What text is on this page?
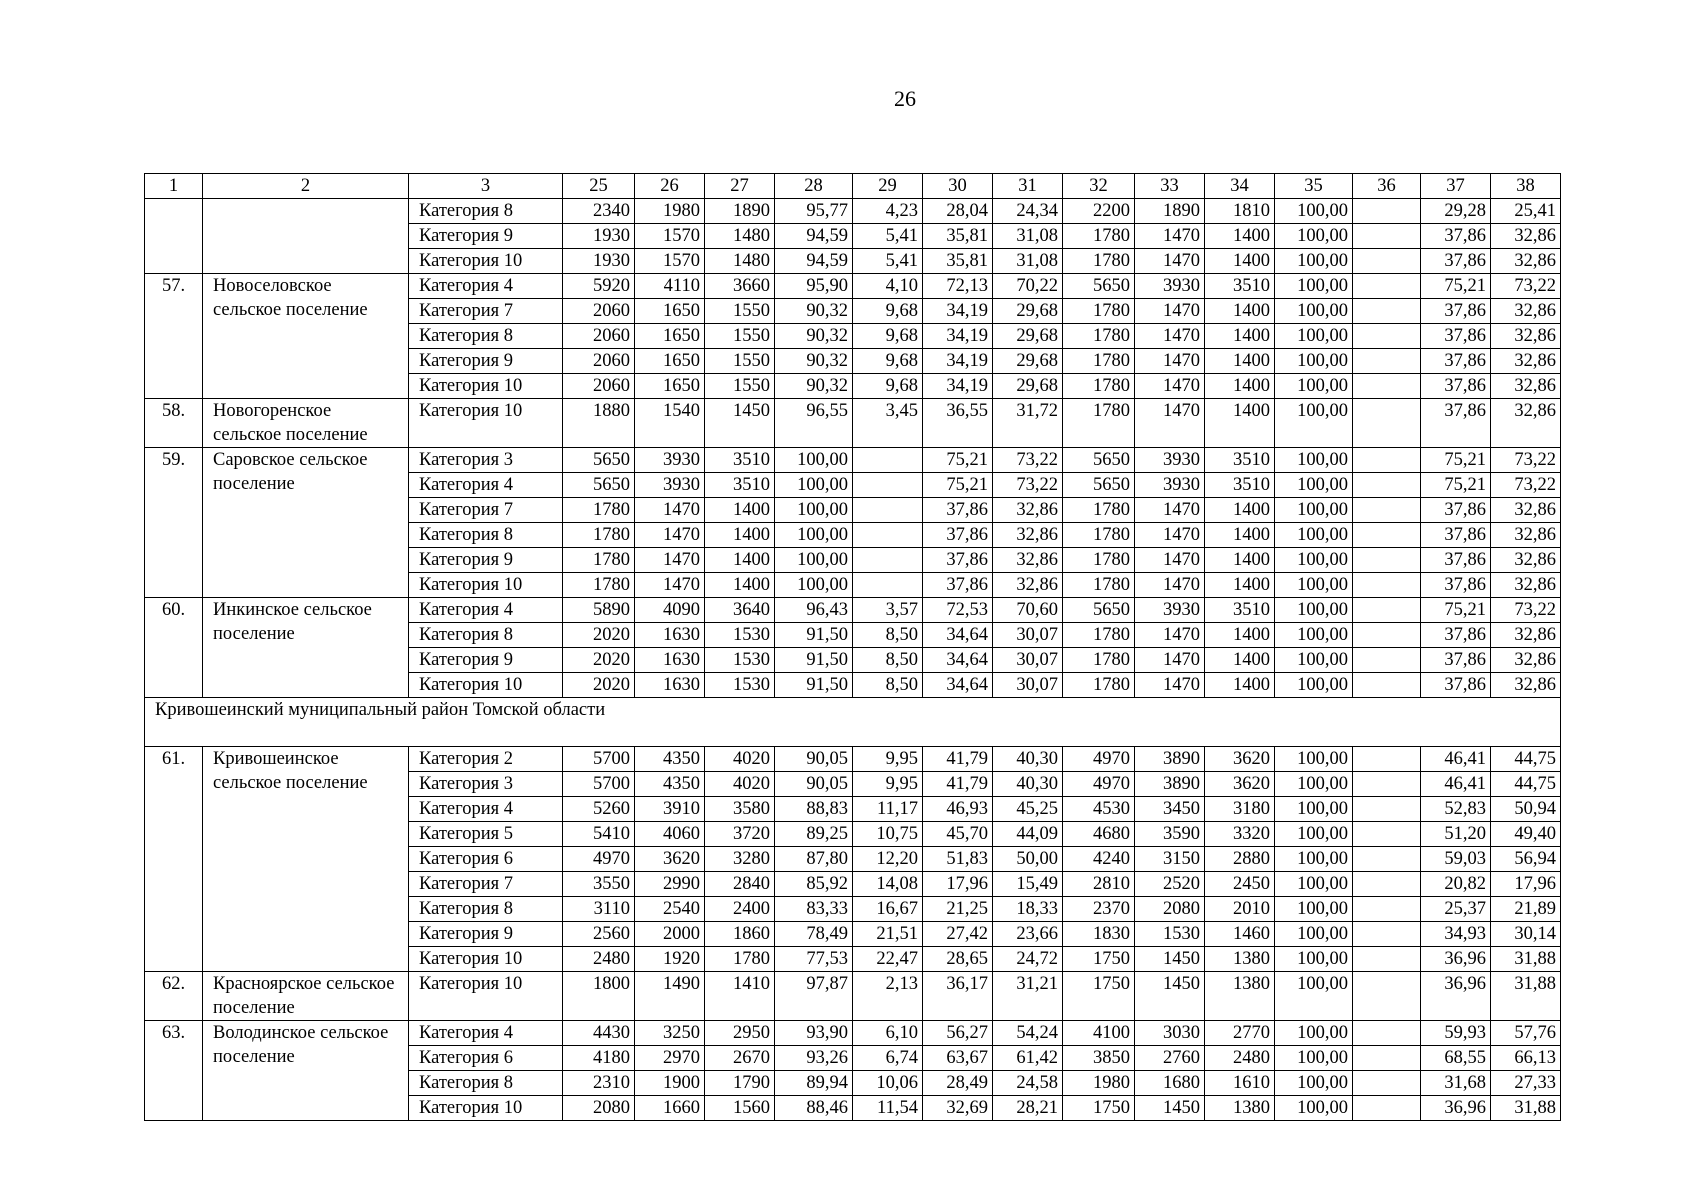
26
1	2	3	25	26	27	28	29	30	31	32	33	34	35	36	37	38
		Категория 8	2340	1980	1890	95,77	4,23	28,04	24,34	2200	1890	1810	100,00		29,28	25,41
		Категория 9	1930	1570	1480	94,59	5,41	35,81	31,08	1780	1470	1400	100,00		37,86	32,86
		Категория 10	1930	1570	1480	94,59	5,41	35,81	31,08	1780	1470	1400	100,00		37,86	32,86
57.	Новоселовское сельское поселение	Категория 4	5920	4110	3660	95,90	4,10	72,13	70,22	5650	3930	3510	100,00		75,21	73,22
		Категория 7	2060	1650	1550	90,32	9,68	34,19	29,68	1780	1470	1400	100,00		37,86	32,86
		Категория 8	2060	1650	1550	90,32	9,68	34,19	29,68	1780	1470	1400	100,00		37,86	32,86
		Категория 9	2060	1650	1550	90,32	9,68	34,19	29,68	1780	1470	1400	100,00		37,86	32,86
		Категория 10	2060	1650	1550	90,32	9,68	34,19	29,68	1780	1470	1400	100,00		37,86	32,86
58.	Новогоренское сельское поселение	Категория 10	1880	1540	1450	96,55	3,45	36,55	31,72	1780	1470	1400	100,00		37,86	32,86
59.	Саровское сельское поселение	Категория 3	5650	3930	3510	100,00		75,21	73,22	5650	3930	3510	100,00		75,21	73,22
		Категория 4	5650	3930	3510	100,00		75,21	73,22	5650	3930	3510	100,00		75,21	73,22
		Категория 7	1780	1470	1400	100,00		37,86	32,86	1780	1470	1400	100,00		37,86	32,86
		Категория 8	1780	1470	1400	100,00		37,86	32,86	1780	1470	1400	100,00		37,86	32,86
		Категория 9	1780	1470	1400	100,00		37,86	32,86	1780	1470	1400	100,00		37,86	32,86
		Категория 10	1780	1470	1400	100,00		37,86	32,86	1780	1470	1400	100,00		37,86	32,86
60.	Инкинское сельское поселение	Категория 4	5890	4090	3640	96,43	3,57	72,53	70,60	5650	3930	3510	100,00		75,21	73,22
		Категория 8	2020	1630	1530	91,50	8,50	34,64	30,07	1780	1470	1400	100,00		37,86	32,86
		Категория 9	2020	1630	1530	91,50	8,50	34,64	30,07	1780	1470	1400	100,00		37,86	32,86
		Категория 10	2020	1630	1530	91,50	8,50	34,64	30,07	1780	1470	1400	100,00		37,86	32,86
Кривошеинский муниципальный район Томской области																
61.	Кривошеинское сельское поселение	Категория 2	5700	4350	4020	90,05	9,95	41,79	40,30	4970	3890	3620	100,00		46,41	44,75
		Категория 3	5700	4350	4020	90,05	9,95	41,79	40,30	4970	3890	3620	100,00		46,41	44,75
		Категория 4	5260	3910	3580	88,83	11,17	46,93	45,25	4530	3450	3180	100,00		52,83	50,94
		Категория 5	5410	4060	3720	89,25	10,75	45,70	44,09	4680	3590	3320	100,00		51,20	49,40
		Категория 6	4970	3620	3280	87,80	12,20	51,83	50,00	4240	3150	2880	100,00		59,03	56,94
		Категория 7	3550	2990	2840	85,92	14,08	17,96	15,49	2810	2520	2450	100,00		20,82	17,96
		Категория 8	3110	2540	2400	83,33	16,67	21,25	18,33	2370	2080	2010	100,00		25,37	21,89
		Категория 9	2560	2000	1860	78,49	21,51	27,42	23,66	1830	1530	1460	100,00		34,93	30,14
		Категория 10	2480	1920	1780	77,53	22,47	28,65	24,72	1750	1450	1380	100,00		36,96	31,88
62.	Красноярское сельское поселение	Категория 10	1800	1490	1410	97,87	2,13	36,17	31,21	1750	1450	1380	100,00		36,96	31,88
63.	Володинское сельское поселение	Категория 4	4430	3250	2950	93,90	6,10	56,27	54,24	4100	3030	2770	100,00		59,93	57,76
		Категория 6	4180	2970	2670	93,26	6,74	63,67	61,42	3850	2760	2480	100,00		68,55	66,13
		Категория 8	2310	1900	1790	89,94	10,06	28,49	24,58	1980	1680	1610	100,00		31,68	27,33
		Категория 10	2080	1660	1560	88,46	11,54	32,69	28,21	1750	1450	1380	100,00		36,96	31,88
